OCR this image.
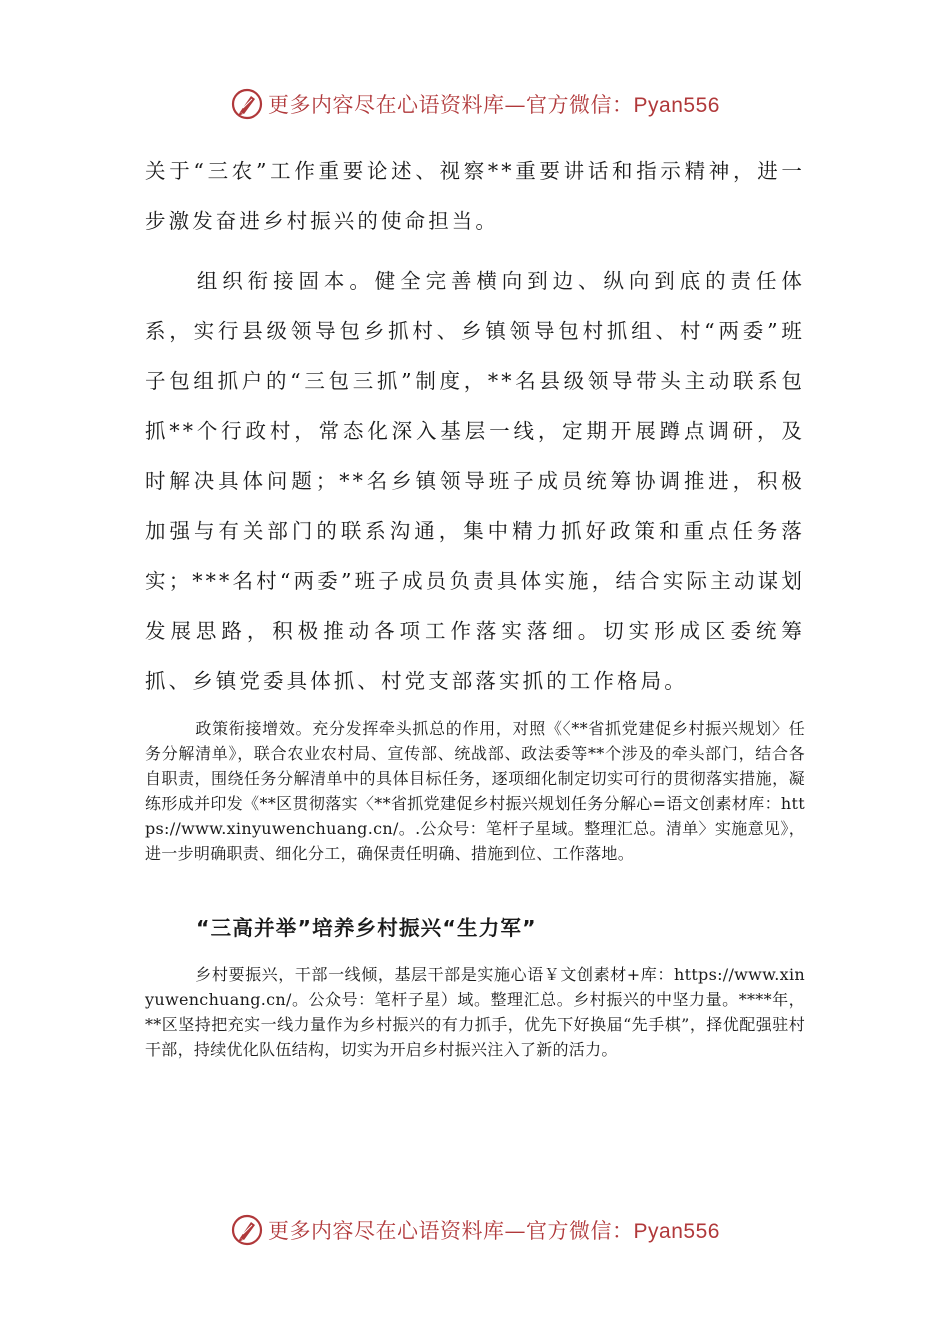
更多内容尽在心语资料库—官方微信：Pyan556

关于“三农”工作重要论述、视察**重要讲话和指示精神，进一步激发奋进乡村振兴的使命担当。

组织衔接固本。健全完善横向到边、纵向到底的责任体系，实行县级领导包乡抓村、乡镇领导包村抓组、村“两委”班子包组抓户的“三包三抓”制度，**名县级领导带头主动联系包抓**个行政村，常态化深入基层一线，定期开展蹲点调研，及时解决具体问题；**名乡镇领导班子成员统筹协调推进，积极加强与有关部门的联系沟通，集中精力抓好政策和重点任务落实；***名村“两委”班子成员负责具体实施，结合实际主动谋划发展思路，积极推动各项工作落实落细。切实形成区委统筹抓、乡镇党委具体抓、村党支部落实抓的工作格局。

政策衔接增效。充分发挥牵头抓总的作用，对照《〈**省抓党建促乡村振兴规划〉任务分解清单》，联合农业农村局、宣传部、统战部、政法委等**个涉及的牵头部门，结合各自职责，围绕任务分解清单中的具体目标任务，逐项细化制定切实可行的贯彻落实措施，凝练形成并印发《**区贯彻落实〈**省抓党建促乡村振兴规划任务分解心=语文创素材库：https://www.xinyuwenchuang.cn/。.公众号：笔杆子星域。整理汇总。清单〉实施意见》，进一步明确职责、细化分工，确保责任明确、措施到位、工作落地。

“三高并举”培养乡村振兴“生力军”

乡村要振兴，干部一线倾，基层干部是实施心语￥文创素材+库：https://www.xinyuwenchuang.cn/。公众号：笔杆子星）域。整理汇总。乡村振兴的中坚力量。****年，**区坚持把充实一线力量作为乡村振兴的有力抓手，优先下好换届“先手棋”，择优配强驻村干部，持续优化队伍结构，切实为开启乡村振兴注入了新的活力。

更多内容尽在心语资料库—官方微信：Pyan556
